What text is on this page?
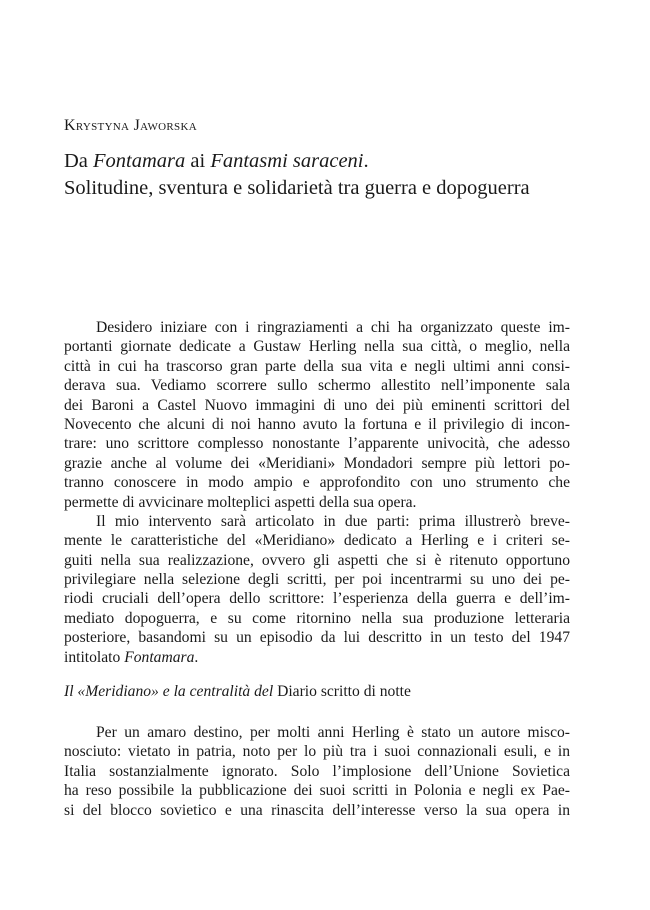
Krystyna Jaworska
Da Fontamara ai Fantasmi saraceni.
Solitudine, sventura e solidarietà tra guerra e dopoguerra
Desidero iniziare con i ringraziamenti a chi ha organizzato queste im-
portanti giornate dedicate a Gustaw Herling nella sua città, o meglio, nella
città in cui ha trascorso gran parte della sua vita e negli ultimi anni consi-
derava sua. Vediamo scorrere sullo schermo allestito nell’imponente sala
dei Baroni a Castel Nuovo immagini di uno dei più eminenti scrittori del
Novecento che alcuni di noi hanno avuto la fortuna e il privilegio di incon-
trare: uno scrittore complesso nonostante l’apparente univocità, che adesso
grazie anche al volume dei «Meridiani» Mondadori sempre più lettori po-
tranno conoscere in modo ampio e approfondito con uno strumento che
permette di avvicinare molteplici aspetti della sua opera.
Il mio intervento sarà articolato in due parti: prima illustrerò breve-
mente le caratteristiche del «Meridiano» dedicato a Herling e i criteri se-
guiti nella sua realizzazione, ovvero gli aspetti che si è ritenuto opportuno
privilegiare nella selezione degli scritti, per poi incentrarmi su uno dei pe-
riodi cruciali dell’opera dello scrittore: l’esperienza della guerra e dell’im-
mediato dopoguerra, e su come ritornino nella sua produzione letteraria
posteriore, basandomi su un episodio da lui descritto in un testo del 1947
intitolato Fontamara.
Il «Meridiano» e la centralità del Diario scritto di notte
Per un amaro destino, per molti anni Herling è stato un autore misco-
nosciuto: vietato in patria, noto per lo più tra i suoi connazionali esuli, e in
Italia sostanzialmente ignorato. Solo l’implosione dell’Unione Sovietica
ha reso possibile la pubblicazione dei suoi scritti in Polonia e negli ex Pae-
si del blocco sovietico e una rinascita dell’interesse verso la sua opera in
